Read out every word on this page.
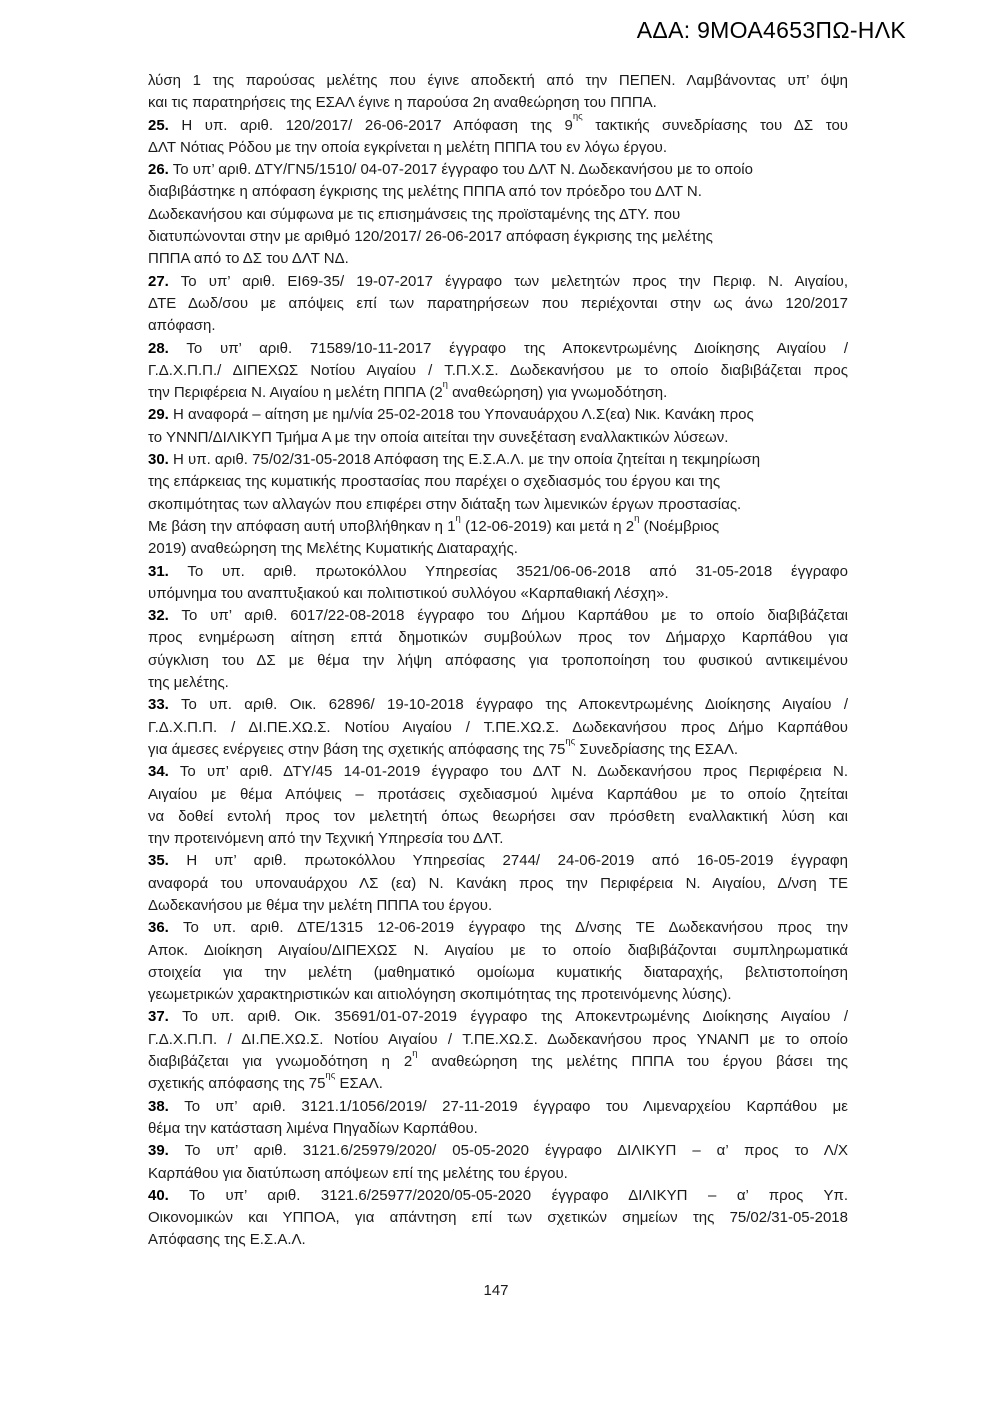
ΑΔΑ: 9ΜΟΑ4653ΠΩ-ΗΛΚ
λύση 1 της παρούσας μελέτης που έγινε αποδεκτή από την ΠΕΠΕΝ. Λαμβάνοντας υπ’ όψη
και τις παρατηρήσεις της ΕΣΑΛ έγινε η παρούσα 2η αναθεώρηση του ΠΠΠΑ.
25. Η υπ. αριθ. 120/2017/ 26-06-2017 Απόφαση της $9^{\eta\varsigma}$ τακτικής συνεδρίασης του ΔΣ του
ΔΛΤ Νότιας Ρόδου με την οποία εγκρίνεται η μελέτη ΠΠΠΑ του εν λόγω έργου.
26. Το υπ’ αριθ. ΔΤΥ/ΓΝ5/1510/ 04-07-2017 έγγραφο του ΔΛΤ Ν. Δωδεκανήσου με το οποίο
διαβιβάστηκε η απόφαση έγκρισης της μελέτης ΠΠΠΑ από τον πρόεδρο του ΔΛΤ Ν.
Δωδεκανήσου και σύμφωνα με τις επισημάνσεις της προϊσταμένης της ΔΤΥ. που
διατυπώνονται στην με αριθμό 120/2017/ 26-06-2017 απόφαση έγκρισης της μελέτης
ΠΠΠΑ από το ΔΣ του ΔΛΤ ΝΔ.
27. Το υπ’ αριθ. ΕΙ69-35/ 19-07-2017 έγγραφο των μελετητών προς την Περιφ. Ν. Αιγαίου,
ΔΤΕ Δωδ/σου με απόψεις επί των παρατηρήσεων που περιέχονται στην ως άνω 120/2017
απόφαση.
28. Το υπ’ αριθ. 71589/10-11-2017 έγγραφο της Αποκεντρωμένης Διοίκησης Αιγαίου /
Γ.Δ.Χ.Π.Π./ ΔΙΠΕΧΩΣ Νοτίου Αιγαίου / Τ.Π.Χ.Σ. Δωδεκανήσου με το οποίο διαβιβάζεται προς
την Περιφέρεια Ν. Αιγαίου η μελέτη ΠΠΠΑ ($2^\eta$ αναθεώρηση) για γνωμοδότηση.
29. Η αναφορά – αίτηση με ημ/νία 25-02-2018 του Υποναυάρχου Λ.Σ(εα) Νικ. Κανάκη προς
το ΥΝΝΠ/ΔΙΛΙΚΥΠ Τμήμα Α με την οποία αιτείται την συνεξέταση εναλλακτικών λύσεων.
30. Η υπ. αριθ. 75/02/31-05-2018 Απόφαση της Ε.Σ.Α.Λ. με την οποία ζητείται η τεκμηρίωση
της επάρκειας της κυματικής προστασίας που παρέχει ο σχεδιασμός του έργου και της
σκοπιμότητας των αλλαγών που επιφέρει στην διάταξη των λιμενικών έργων προστασίας.
Με βάση την απόφαση αυτή υποβλήθηκαν η $1^\eta$ (12-06-2019) και μετά η $2^\eta$ (Νοέμβριος
2019) αναθεώρηση της Μελέτης Κυματικής Διαταραχής.
31. Το υπ. αριθ. πρωτοκόλλου Υπηρεσίας 3521/06-06-2018 από 31-05-2018 έγγραφο
υπόμνημα του αναπτυξιακού και πολιτιστικού συλλόγου «Καρπαθιακή Λέσχη».
32. Το υπ’ αριθ. 6017/22-08-2018 έγγραφο του Δήμου Καρπάθου με το οποίο διαβιβάζεται
προς ενημέρωση αίτηση επτά δημοτικών συμβούλων προς τον Δήμαρχο Καρπάθου για
σύγκλιση του ΔΣ με θέμα την λήψη απόφασης για τροποποίηση του φυσικού αντικειμένου
της μελέτης.
33. Το υπ. αριθ. Οικ. 62896/ 19-10-2018 έγγραφο της Αποκεντρωμένης Διοίκησης Αιγαίου /
Γ.Δ.Χ.Π.Π. / ΔΙ.ΠΕ.ΧΩ.Σ. Νοτίου Αιγαίου / Τ.ΠΕ.ΧΩ.Σ. Δωδεκανήσου προς Δήμο Καρπάθου
για άμεσες ενέργειες στην βάση της σχετικής απόφασης της $75^{\eta\varsigma}$ Συνεδρίασης της ΕΣΑΛ.
34. Το υπ’ αριθ. ΔΤΥ/45 14-01-2019 έγγραφο του ΔΛΤ Ν. Δωδεκανήσου προς Περιφέρεια Ν.
Αιγαίου με θέμα Απόψεις – προτάσεις σχεδιασμού λιμένα Καρπάθου με το οποίο ζητείται
να δοθεί εντολή προς τον μελετητή όπως θεωρήσει σαν πρόσθετη εναλλακτική λύση και
την προτεινόμενη από την Τεχνική Υπηρεσία του ΔΛΤ.
35. Η υπ’ αριθ. πρωτοκόλλου Υπηρεσίας 2744/ 24-06-2019 από 16-05-2019 έγγραφη
αναφορά του υποναυάρχου ΛΣ (εα) Ν. Κανάκη προς την Περιφέρεια Ν. Αιγαίου, Δ/νση ΤΕ
Δωδεκανήσου με θέμα την μελέτη ΠΠΠΑ του έργου.
36. Το υπ. αριθ. ΔΤΕ/1315 12-06-2019 έγγραφο της Δ/νσης ΤΕ Δωδεκανήσου προς την
Αποκ. Διοίκηση Αιγαίου/ΔΙΠΕΧΩΣ Ν. Αιγαίου με το οποίο διαβιβάζονται συμπληρωματικά
στοιχεία για την μελέτη (μαθηματικό ομοίωμα κυματικής διαταραχής, βελτιστοποίηση
γεωμετρικών χαρακτηριστικών και αιτιολόγηση σκοπιμότητας της προτεινόμενης λύσης).
37. Το υπ. αριθ. Οικ. 35691/01-07-2019 έγγραφο της Αποκεντρωμένης Διοίκησης Αιγαίου /
Γ.Δ.Χ.Π.Π. / ΔΙ.ΠΕ.ΧΩ.Σ. Νοτίου Αιγαίου / Τ.ΠΕ.ΧΩ.Σ. Δωδεκανήσου προς ΥΝΑΝΠ με το οποίο
διαβιβάζεται για γνωμοδότηση η $2^\eta$ αναθεώρηση της μελέτης ΠΠΠΑ του έργου βάσει της
σχετικής απόφασης της $75^{\eta\varsigma}$ ΕΣΑΛ.
38. Το υπ’ αριθ. 3121.1/1056/2019/ 27-11-2019 έγγραφο του Λιμεναρχείου Καρπάθου με
θέμα την κατάσταση λιμένα Πηγαδίων Καρπάθου.
39. Το υπ’ αριθ. 3121.6/25979/2020/ 05-05-2020 έγγραφο ΔΙΛΙΚΥΠ – α’ προς το Λ/Χ
Καρπάθου για διατύπωση απόψεων επί της μελέτης του έργου.
40. Το υπ’ αριθ. 3121.6/25977/2020/05-05-2020 έγγραφο ΔΙΛΙΚΥΠ – α’ προς Υπ.
Οικονομικών και ΥΠΠΟΑ, για απάντηση επί των σχετικών σημείων της 75/02/31-05-2018
Απόφασης της Ε.Σ.Α.Λ.
147
